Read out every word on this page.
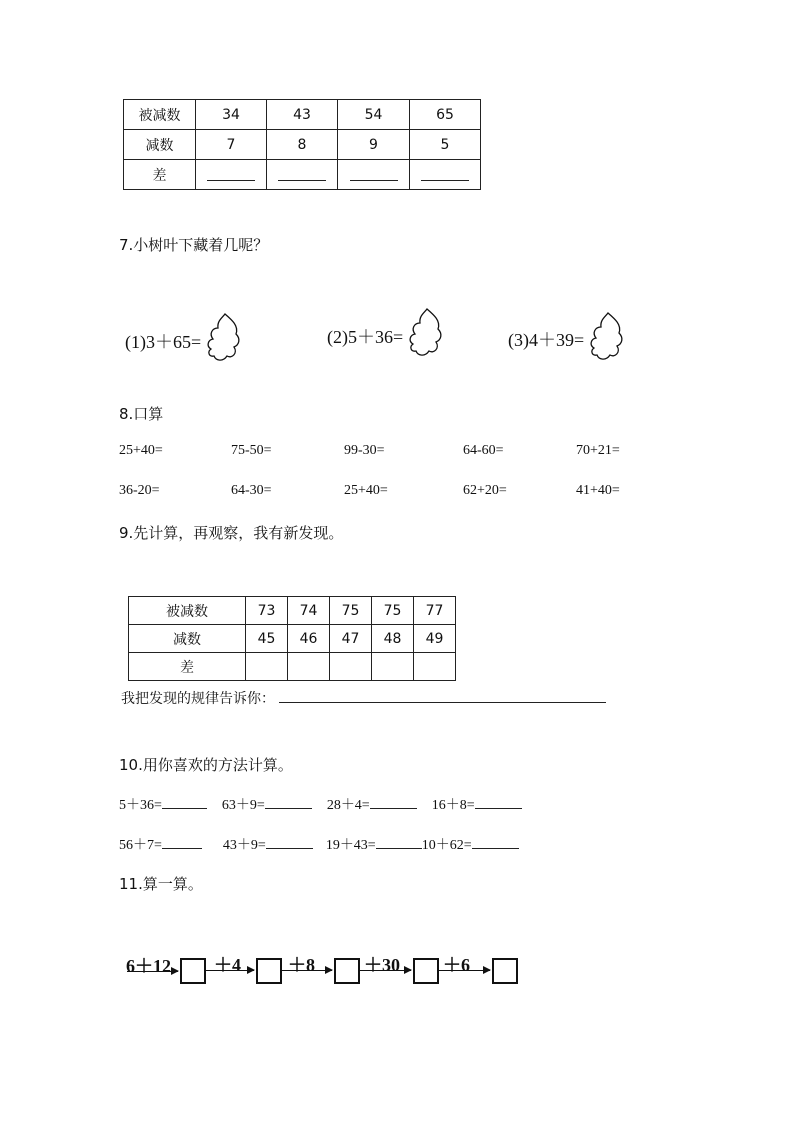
被减数	34	43	54	65
减数	7	8	9	5
差				
7.小树叶下藏着几呢？
(1)3＋65=	(2)5＋36=	(3)4＋39=
8.口算
25+40=	75-50=	99-30=	64-60=	70+21=
36-20=	64-30=	25+40=	62+20=	41+40=
9.先计算，再观察，我有新发现。
被减数	73	74	75	75	77
减数	45	46	47	48	49
差					
我把发现的规律告诉你：
10.用你喜欢的方法计算。
5＋36=	63＋9=	28＋4=	16＋8=
56＋7=	43＋9=	19＋43=	10＋62=
11.算一算。
6＋12 ＋4	＋8	＋30 ＋6
